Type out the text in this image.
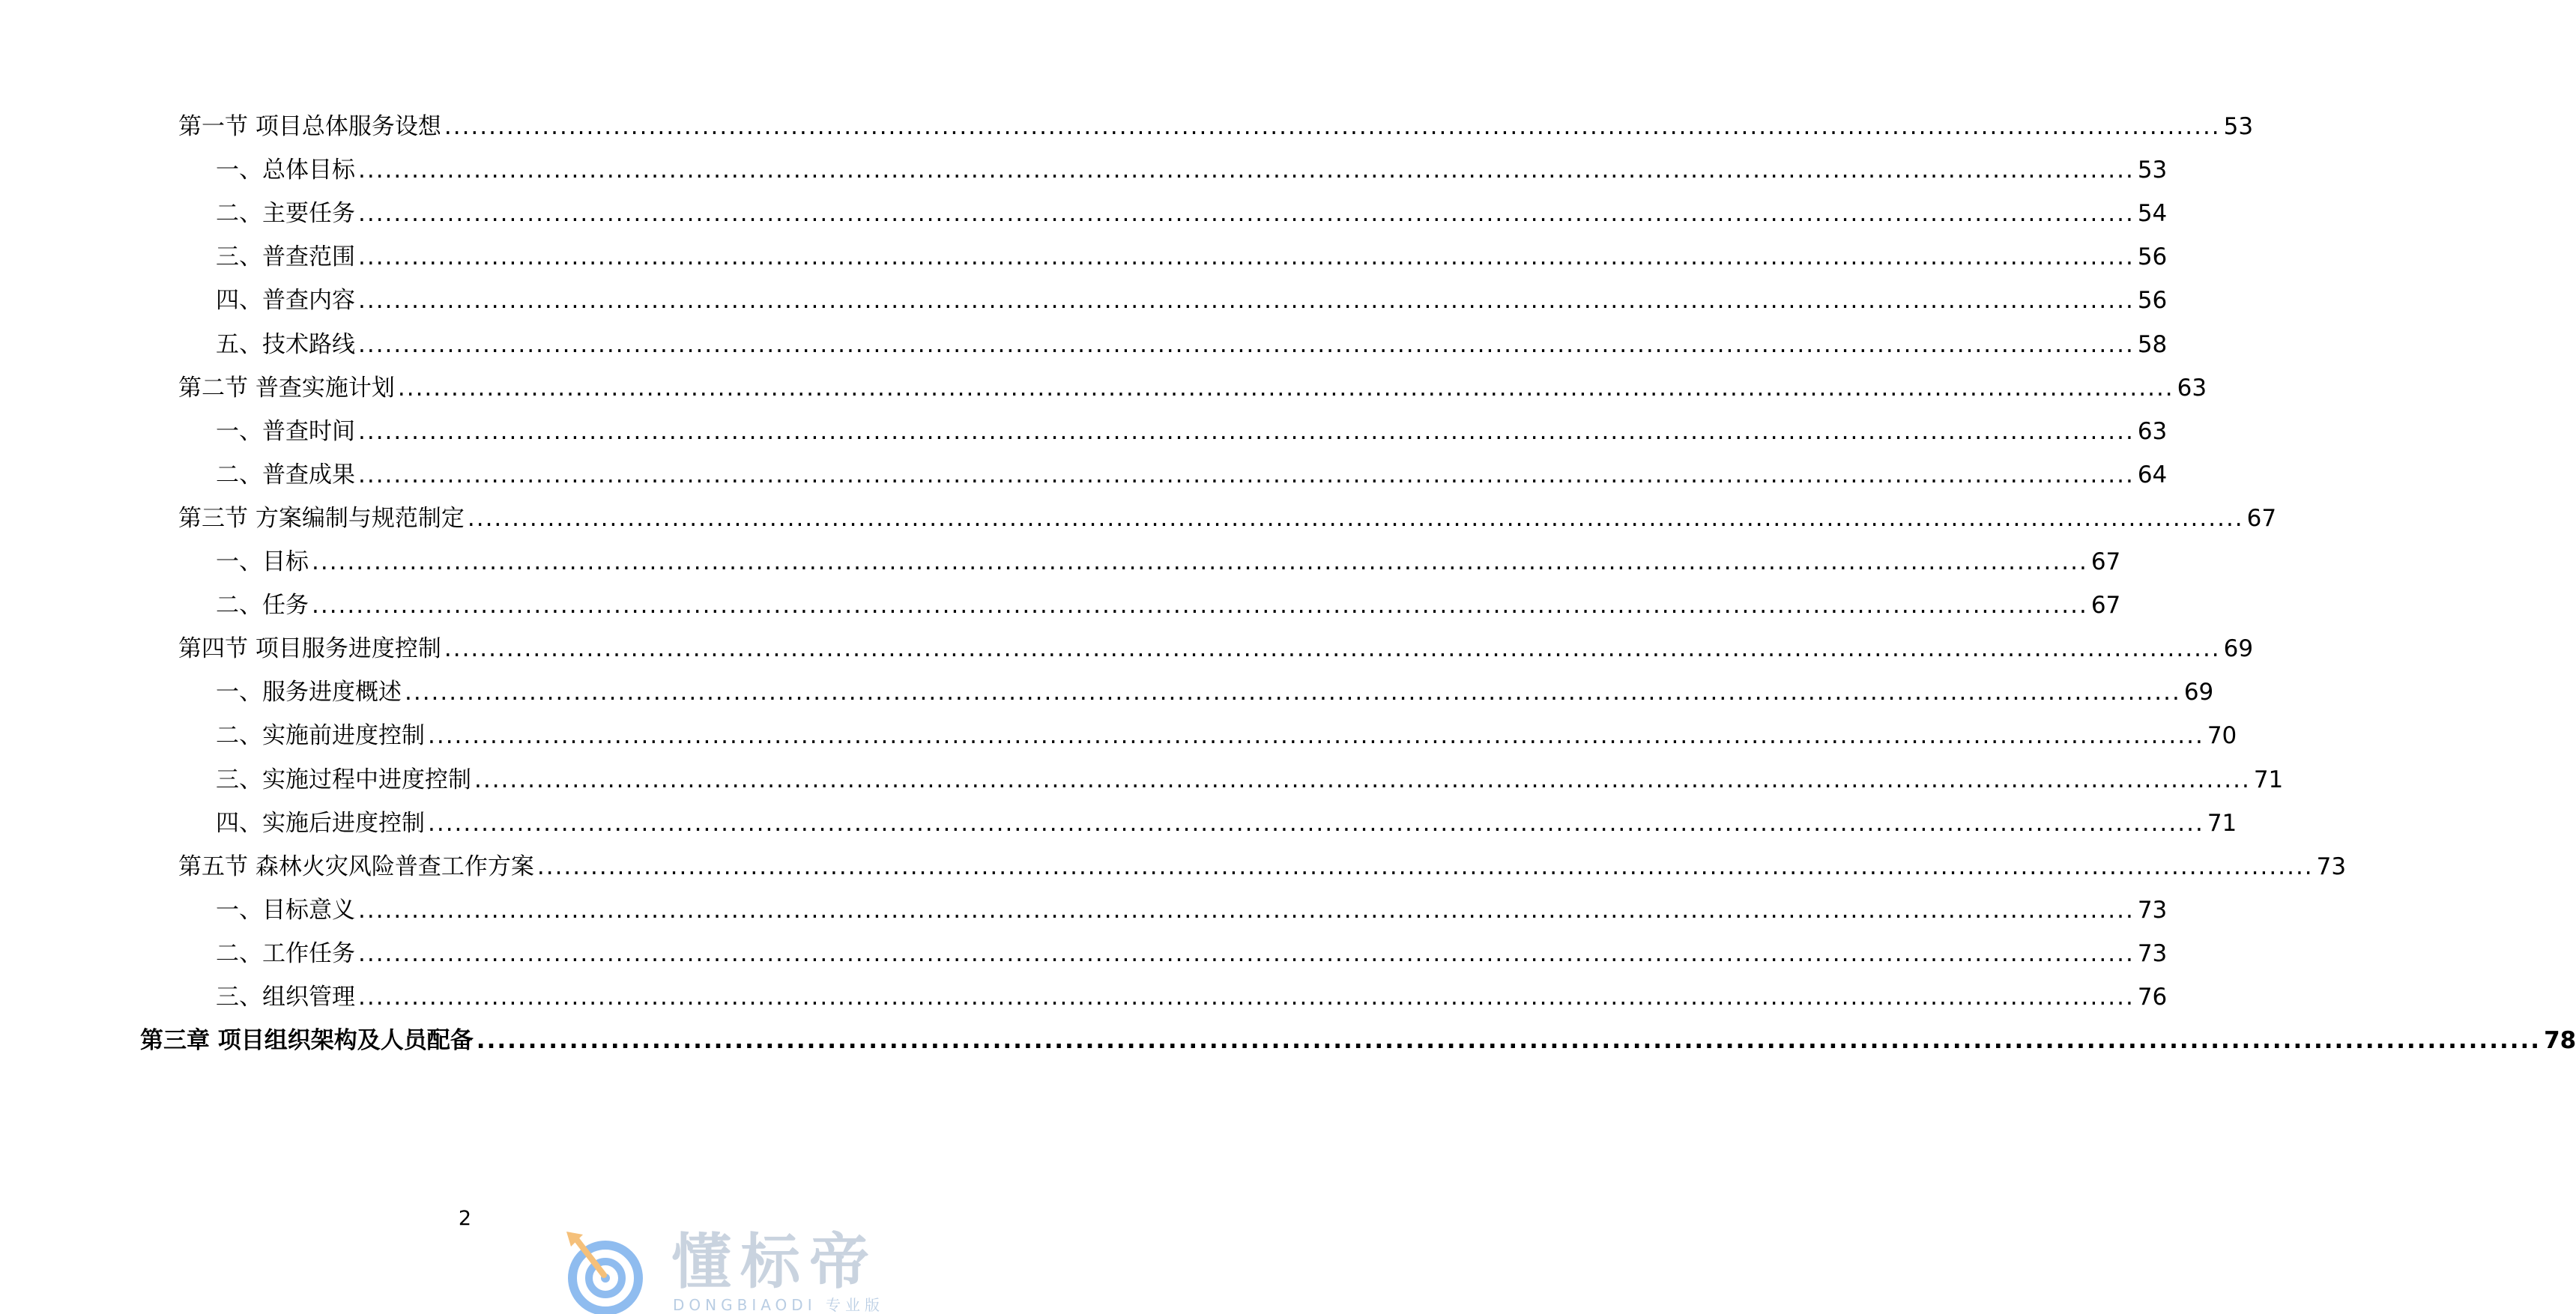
第一节 项目总体服务设想 ........................................................................................................................................................................................................ 53
一、总体目标 ........................................................................................................................................................................................................ 53
二、主要任务 ........................................................................................................................................................................................................ 54
三、普查范围 ........................................................................................................................................................................................................ 56
四、普查内容 ........................................................................................................................................................................................................ 56
五、技术路线 ........................................................................................................................................................................................................ 58
第二节 普查实施计划 ........................................................................................................................................................................................................ 63
一、普查时间 ........................................................................................................................................................................................................ 63
二、普查成果 ........................................................................................................................................................................................................ 64
第三节 方案编制与规范制定 ........................................................................................................................................................................................................ 67
一、目标 ........................................................................................................................................................................................................ 67
二、任务 ........................................................................................................................................................................................................ 67
第四节 项目服务进度控制 ........................................................................................................................................................................................................ 69
一、服务进度概述 ........................................................................................................................................................................................................ 69
二、实施前进度控制 ........................................................................................................................................................................................................ 70
三、实施过程中进度控制 ........................................................................................................................................................................................................ 71
四、实施后进度控制 ........................................................................................................................................................................................................ 71
第五节 森林火灾风险普查工作方案 ........................................................................................................................................................................................................ 73
一、目标意义 ........................................................................................................................................................................................................ 73
二、工作任务 ........................................................................................................................................................................................................ 73
三、组织管理 ........................................................................................................................................................................................................ 76
第三章 项目组织架构及人员配备 ........................................................................................................................................................................................................ 78
2
懂标帝
DONGBIAODI 专业版
